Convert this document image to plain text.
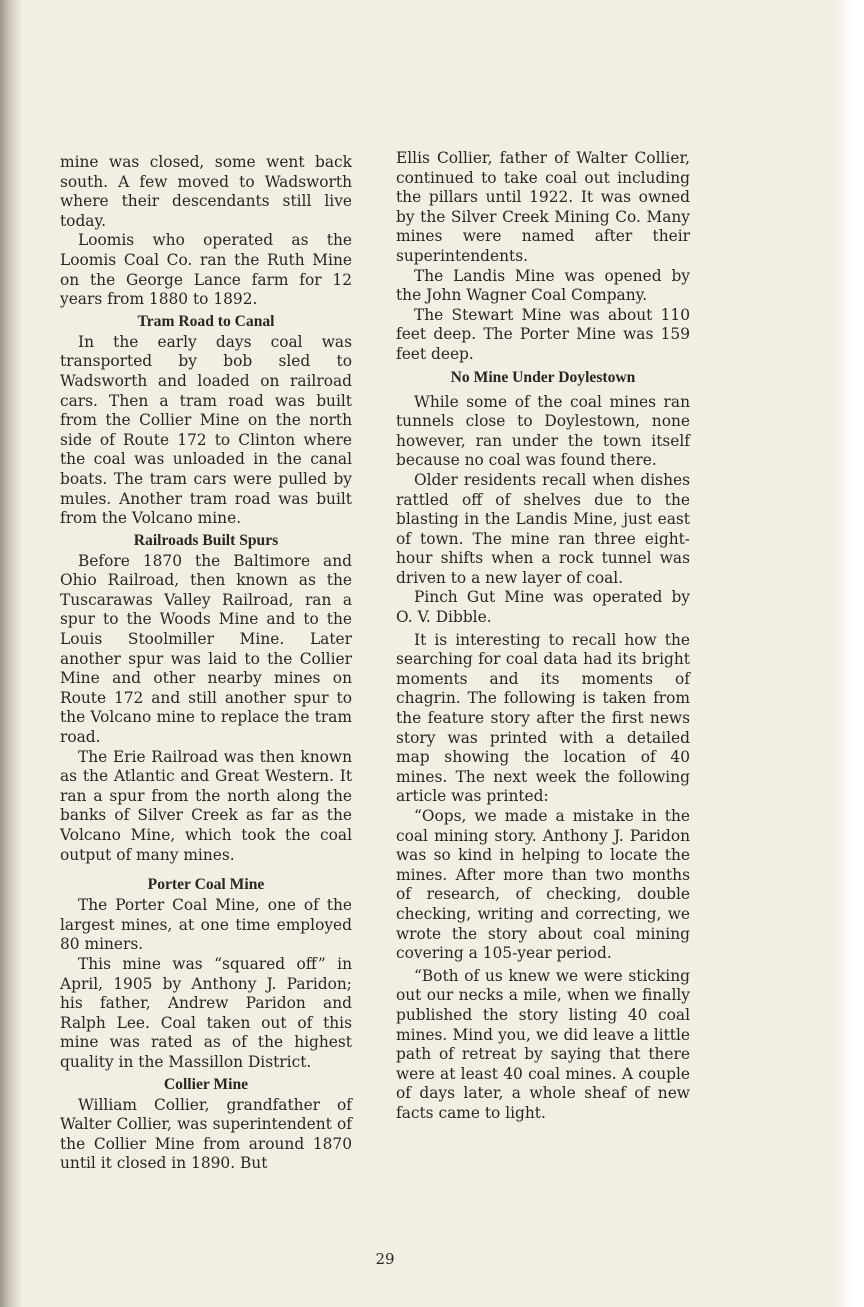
mine was closed, some went back south. A few moved to Wadsworth where their descendants still live today.

Loomis who operated as the Loomis Coal Co. ran the Ruth Mine on the George Lance farm for 12 years from 1880 to 1892.

Tram Road to Canal

In the early days coal was transported by bob sled to Wadsworth and loaded on railroad cars. Then a tram road was built from the Collier Mine on the north side of Route 172 to Clinton where the coal was unloaded in the canal boats. The tram cars were pulled by mules. Another tram road was built from the Volcano mine.

Railroads Built Spurs

Before 1870 the Baltimore and Ohio Railroad, then known as the Tuscarawas Valley Railroad, ran a spur to the Woods Mine and to the Louis Stoolmiller Mine. Later another spur was laid to the Collier Mine and other nearby mines on Route 172 and still another spur to the Volcano mine to replace the tram road.

The Erie Railroad was then known as the Atlantic and Great Western. It ran a spur from the north along the banks of Silver Creek as far as the Volcano Mine, which took the coal output of many mines.

Porter Coal Mine

The Porter Coal Mine, one of the largest mines, at one time employed 80 miners.

This mine was “squared off” in April, 1905 by Anthony J. Paridon; his father, Andrew Paridon and Ralph Lee. Coal taken out of this mine was rated as of the highest quality in the Massillon District.

Collier Mine

William Collier, grandfather of Walter Collier, was superintendent of the Collier Mine from around 1870 until it closed in 1890. But

Ellis Collier, father of Walter Collier, continued to take coal out including the pillars until 1922. It was owned by the Silver Creek Mining Co. Many mines were named after their superintendents.

The Landis Mine was opened by the John Wagner Coal Company.

The Stewart Mine was about 110 feet deep. The Porter Mine was 159 feet deep.

No Mine Under Doylestown

While some of the coal mines ran tunnels close to Doylestown, none however, ran under the town itself because no coal was found there.

Older residents recall when dishes rattled off of shelves due to the blasting in the Landis Mine, just east of town. The mine ran three eight-hour shifts when a rock tunnel was driven to a new layer of coal.

Pinch Gut Mine was operated by O. V. Dibble.

It is interesting to recall how the searching for coal data had its bright moments and its moments of chagrin. The following is taken from the feature story after the first news story was printed with a detailed map showing the location of 40 mines. The next week the following article was printed:

“Oops, we made a mistake in the coal mining story. Anthony J. Paridon was so kind in helping to locate the mines. After more than two months of research, of checking, double checking, writing and correcting, we wrote the story about coal mining covering a 105-year period.

“Both of us knew we were sticking out our necks a mile, when we finally published the story listing 40 coal mines. Mind you, we did leave a little path of retreat by saying that there were at least 40 coal mines. A couple of days later, a whole sheaf of new facts came to light.

29
